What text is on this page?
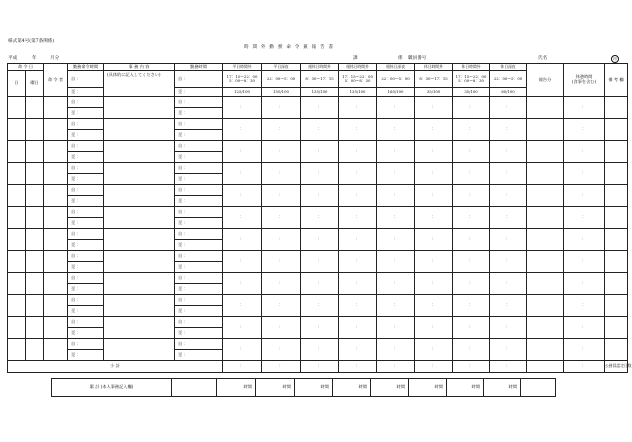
様式第4号(第7条関係)
時 間 外 勤 務 命 令 兼 報 告 書
平成	年	月分	課	係 職員番号	氏名	印
命 令 日		命 令 者	勤務命令時間	事 務 内 容	勤務時間	平日時間外	平日深夜	週休日時間外	週休日時間外	週休日深夜	休日時間外	休日時間外	休日深夜	報告分	休憩時間
(食事を含む)	備 考 欄
日	曜日		自 ：	(具体的に記入してください)	自 ：	17：15〜22：00 5：00〜8：30	22：00〜5：00	8：30〜17：15	17：15〜22：00 5：00〜8：30	22：00〜5：00	8：30〜17：15	17：15〜22：00 5：00〜8：30	22：00〜5：00			
			至 ：		至 ：	125/100	150/100	135/100	135/100	160/100	35/100	35/100	60/100			
			自 ：		自 ：	：	：	：	：	：	：	：	：		：	
			至 ：		至 ：											
			自 ：		自 ：	：	：	：	：	：	：	：	：		：	
			至 ：		至 ：											
			自 ：		自 ：	：	：	：	：	：	：	：	：		：	
			至 ：		至 ：											
			自 ：		自 ：	：	：	：	：	：	：	：	：		：	
			至 ：		至 ：											
			自 ：		自 ：	：	：	：	：	：	：	：	：		：	
			至 ：		至 ：											
			自 ：		自 ：	：	：	：	：	：	：	：	：		：	
			至 ：		至 ：											
			自 ：		自 ：	：	：	：	：	：	：	：	：		：	
			至 ：		至 ：											
			自 ：		自 ：	：	：	：	：	：	：	：	：		：	
			至 ：		至 ：											
			自 ：		自 ：	：	：	：	：	：	：	：	：		：	
			至 ：		至 ：											
			自 ：		自 ：	：	：	：	：	：	：	：	：		：	
			至 ：		至 ：											
			自 ：		自 ：	：	：	：	：	：	：	：	：		：	
			至 ：		至 ：											
			自 ：		自 ：	：	：	：	：	：	：	：	：		：	
			至 ：		至 ：											
小 計						：	：	：	：	：	：	：	：		：	公務員認定日数
累 計 (本人事務記入欄)		時間	時間	時間	時間	時間	時間	時間	時間	
